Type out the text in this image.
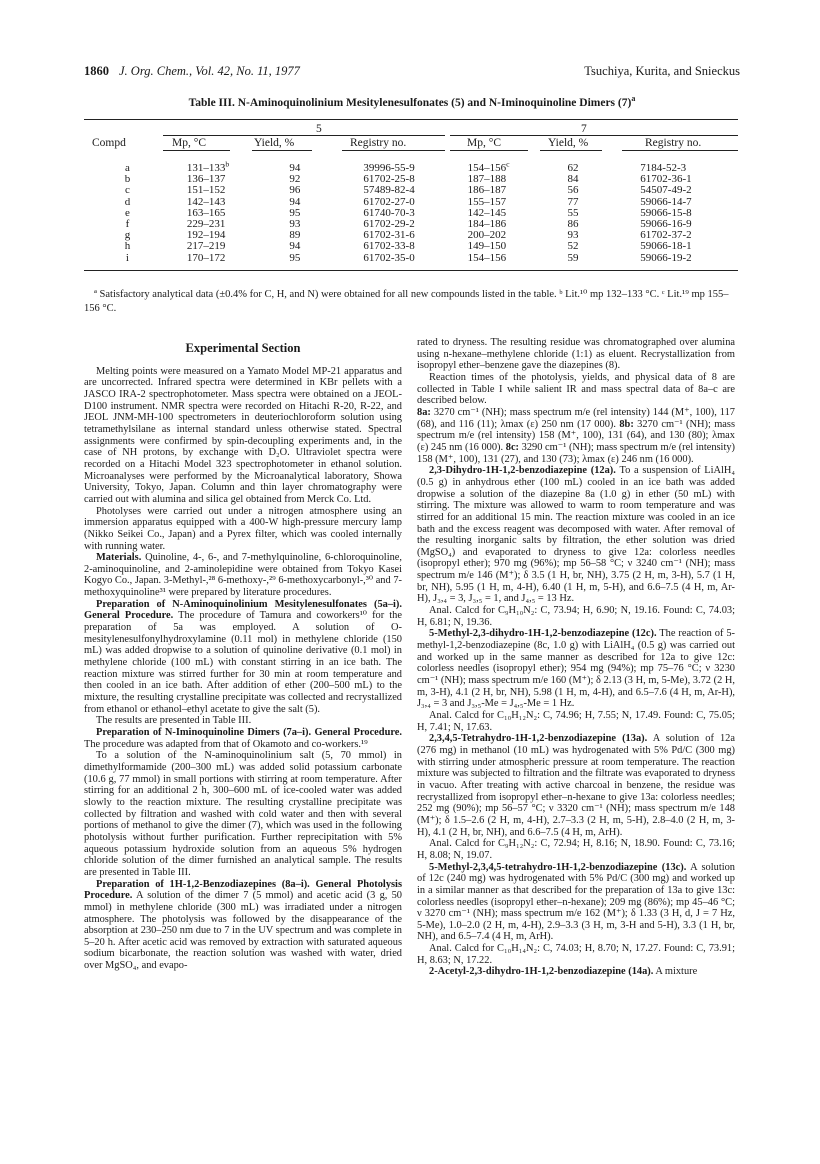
1860 J. Org. Chem., Vol. 42, No. 11, 1977	Tsuchiya, Kurita, and Snieckus
Table III. N-Aminoquinolinium Mesitylenesulfonates (5) and N-Iminoquinoline Dimers $(7)^a$
5	7
Compd	Mp, °C	Yield, %	Registry no.	Mp, °C	Yield, %	Registry no.
a	131–133$^b$	94	39996-55-9	154–156$^c$	62	7184-52-3
b	136–137	92	61702-25-8	187–188	84	61702-36-1
c	151–152	96	57489-82-4	186–187	56	54507-49-2
d	142–143	94	61702-27-0	155–157	77	59066-14-7
e	163–165	95	61740-70-3	142–145	55	59066-15-8
f	229–231	93	61702-29-2	184–186	86	59066-16-9
g	192–194	89	61702-31-6	200–202	93	61702-37-2
h	217–219	94	61702-33-8	149–150	52	59066-18-1
i	170–172	95	61702-35-0	154–156	59	59066-19-2
ª Satisfactory analytical data (±0.4% for C, H, and N) were obtained for all new compounds listed in the table. ᵇ Lit.¹⁰ mp 132–133 °C. ᶜ Lit.¹⁹ mp 155–156 °C.
Experimental Section

Melting points were measured on a Yamato Model MP-21 apparatus and are uncorrected. Infrared spectra were determined in KBr pellets with a JASCO IRA-2 spectrophotometer. Mass spectra were obtained on a JEOL-D100 instrument. NMR spectra were recorded on Hitachi R-20, R-22, and JEOL JNM-MH-100 spectrometers in deuteriochloroform solution using tetramethylsilane as internal standard unless otherwise stated. Spectral assignments were confirmed by spin-decoupling experiments and, in the case of NH protons, by exchange with D₂O. Ultraviolet spectra were recorded on a Hitachi Model 323 spectrophotometer in ethanol solution. Microanalyses were performed by the Microanalytical laboratory, Showa University, Tokyo, Japan. Column and thin layer chromatography were carried out with alumina and silica gel obtained from Merck Co. Ltd.

Photolyses were carried out under a nitrogen atmosphere using an immersion apparatus equipped with a 400-W high-pressure mercury lamp (Nikko Seikei Co., Japan) and a Pyrex filter, which was cooled internally with running water.

Materials. Quinoline, 4-, 6-, and 7-methylquinoline, 6-chloroquinoline, 2-aminoquinoline, and 2-aminolepidine were obtained from Tokyo Kasei Kogyo Co., Japan. 3-Methyl-,²⁸ 6-methoxy-,²⁹ 6-methoxycarbonyl-,³⁰ and 7-methoxyquinoline³¹ were prepared by literature procedures.

Preparation of N-Aminoquinolinium Mesitylenesulfonates (5a–i). General Procedure. The procedure of Tamura and coworkers¹⁰ for the preparation of 5a was employed. A solution of O-mesitylenesulfonylhydroxylamine (0.11 mol) in methylene chloride (150 mL) was added dropwise to a solution of quinoline derivative (0.1 mol) in methylene chloride (100 mL) with constant stirring in an ice bath. The reaction mixture was stirred further for 30 min at room temperature and then cooled in an ice bath. After addition of ether (200–500 mL) to the mixture, the resulting crystalline precipitate was collected and recrystallized from ethanol or ethanol–ethyl acetate to give the salt (5).

The results are presented in Table III.

Preparation of N-Iminoquinoline Dimers (7a–i). General Procedure. The procedure was adapted from that of Okamoto and co-workers.¹⁹

To a solution of the N-aminoquinolinium salt (5, 70 mmol) in dimethylformamide (200–300 mL) was added solid potassium carbonate (10.6 g, 77 mmol) in small portions with stirring at room temperature. After stirring for an additional 2 h, 300–600 mL of ice-cooled water was added slowly to the reaction mixture. The resulting crystalline precipitate was collected by filtration and washed with cold water and then with several portions of methanol to give the dimer (7), which was used in the following photolysis without further purification. Further reprecipitation with 5% aqueous potassium hydroxide solution from an aqueous 5% hydrogen chloride solution of the dimer furnished an analytical sample. The results are presented in Table III.

Preparation of 1H-1,2-Benzodiazepines (8a–i). General Photolysis Procedure. A solution of the dimer 7 (5 mmol) and acetic acid (3 g, 50 mmol) in methylene chloride (300 mL) was irradiated under a nitrogen atmosphere. The photolysis was followed by the disappearance of the absorption at 230–250 nm due to 7 in the UV spectrum and was complete in 5–20 h. After acetic acid was removed by extraction with saturated aqueous sodium bicarbonate, the reaction solution was washed with water, dried over MgSO₄, and evapo-

rated to dryness. The resulting residue was chromatographed over alumina using n-hexane–methylene chloride (1:1) as eluent. Recrystallization from isopropyl ether–benzene gave the diazepines (8).

Reaction times of the photolysis, yields, and physical data of 8 are collected in Table I while salient IR and mass spectral data of 8a–c are described below.

8a: 3270 cm⁻¹ (NH); mass spectrum m/e (rel intensity) 144 (M⁺, 100), 117 (68), and 116 (11); λmax (ε) 250 nm (17 000). 8b: 3270 cm⁻¹ (NH); mass spectrum m/e (rel intensity) 158 (M⁺, 100), 131 (64), and 130 (80); λmax (ε) 245 nm (16 000). 8c: 3290 cm⁻¹ (NH); mass spectrum m/e (rel intensity) 158 (M⁺, 100), 131 (27), and 130 (73); λmax (ε) 246 nm (16 000).

2,3-Dihydro-1H-1,2-benzodiazepine (12a). To a suspension of LiAlH₄ (0.5 g) in anhydrous ether (100 mL) cooled in an ice bath was added dropwise a solution of the diazepine 8a (1.0 g) in ether (50 mL) with stirring. The mixture was allowed to warm to room temperature and was stirred for an additional 15 min. The reaction mixture was cooled in an ice bath and the excess reagent was decomposed with water. After removal of the resulting inorganic salts by filtration, the ether solution was dried (MgSO₄) and evaporated to dryness to give 12a: colorless needles (isopropyl ether); 970 mg (96%); mp 56–58 °C; ν 3240 cm⁻¹ (NH); mass spectrum m/e 146 (M⁺); δ 3.5 (1 H, br, NH), 3.75 (2 H, m, 3-H), 5.7 (1 H, br, NH), 5.95 (1 H, m, 4-H), 6.40 (1 H, m, 5-H), and 6.6–7.5 (4 H, m, Ar-H), J₃,₄ = 3, J₃,₅ = 1, and J₄,₅ = 13 Hz.

Anal. Calcd for C₉H₁₀N₂: C, 73.94; H, 6.90; N, 19.16. Found: C, 74.03; H, 6.81; N, 19.36.

5-Methyl-2,3-dihydro-1H-1,2-benzodiazepine (12c). The reaction of 5-methyl-1,2-benzodiazepine (8c, 1.0 g) with LiAlH₄ (0.5 g) was carried out and worked up in the same manner as described for 12a to give 12c: colorless needles (isopropyl ether); 954 mg (94%); mp 75–76 °C; ν 3230 cm⁻¹ (NH); mass spectrum m/e 160 (M⁺); δ 2.13 (3 H, m, 5-Me), 3.72 (2 H, m, 3-H), 4.1 (2 H, br, NH), 5.98 (1 H, m, 4-H), and 6.5–7.6 (4 H, m, Ar-H), J₃,₄ = 3 and J₃,₅-Me = J₄,₅-Me = 1 Hz.

Anal. Calcd for C₁₀H₁₂N₂: C, 74.96; H, 7.55; N, 17.49. Found: C, 75.05; H, 7.41; N, 17.63.

2,3,4,5-Tetrahydro-1H-1,2-benzodiazepine (13a). A solution of 12a (276 mg) in methanol (10 mL) was hydrogenated with 5% Pd/C (300 mg) with stirring under atmospheric pressure at room temperature. The reaction mixture was subjected to filtration and the filtrate was evaporated to dryness in vacuo. After treating with active charcoal in benzene, the residue was recrystallized from isopropyl ether–n-hexane to give 13a: colorless needles; 252 mg (90%); mp 56–57 °C; ν 3320 cm⁻¹ (NH); mass spectrum m/e 148 (M⁺); δ 1.5–2.6 (2 H, m, 4-H), 2.7–3.3 (2 H, m, 5-H), 2.8–4.0 (2 H, m, 3-H), 4.1 (2 H, br, NH), and 6.6–7.5 (4 H, m, ArH).

Anal. Calcd for C₉H₁₂N₂: C, 72.94; H, 8.16; N, 18.90. Found: C, 73.16; H, 8.08; N, 19.07.

5-Methyl-2,3,4,5-tetrahydro-1H-1,2-benzodiazepine (13c). A solution of 12c (240 mg) was hydrogenated with 5% Pd/C (300 mg) and worked up in a similar manner as that described for the preparation of 13a to give 13c: colorless needles (isopropyl ether–n-hexane); 209 mg (86%); mp 45–46 °C; ν 3270 cm⁻¹ (NH); mass spectrum m/e 162 (M⁺); δ 1.33 (3 H, d, J = 7 Hz, 5-Me), 1.0–2.0 (2 H, m, 4-H), 2.9–3.3 (3 H, m, 3-H and 5-H), 3.3 (1 H, br, NH), and 6.5–7.4 (4 H, m, ArH).

Anal. Calcd for C₁₀H₁₄N₂: C, 74.03; H, 8.70; N, 17.27. Found: C, 73.91; H, 8.63; N, 17.22.

2-Acetyl-2,3-dihydro-1H-1,2-benzodiazepine (14a). A mixture
